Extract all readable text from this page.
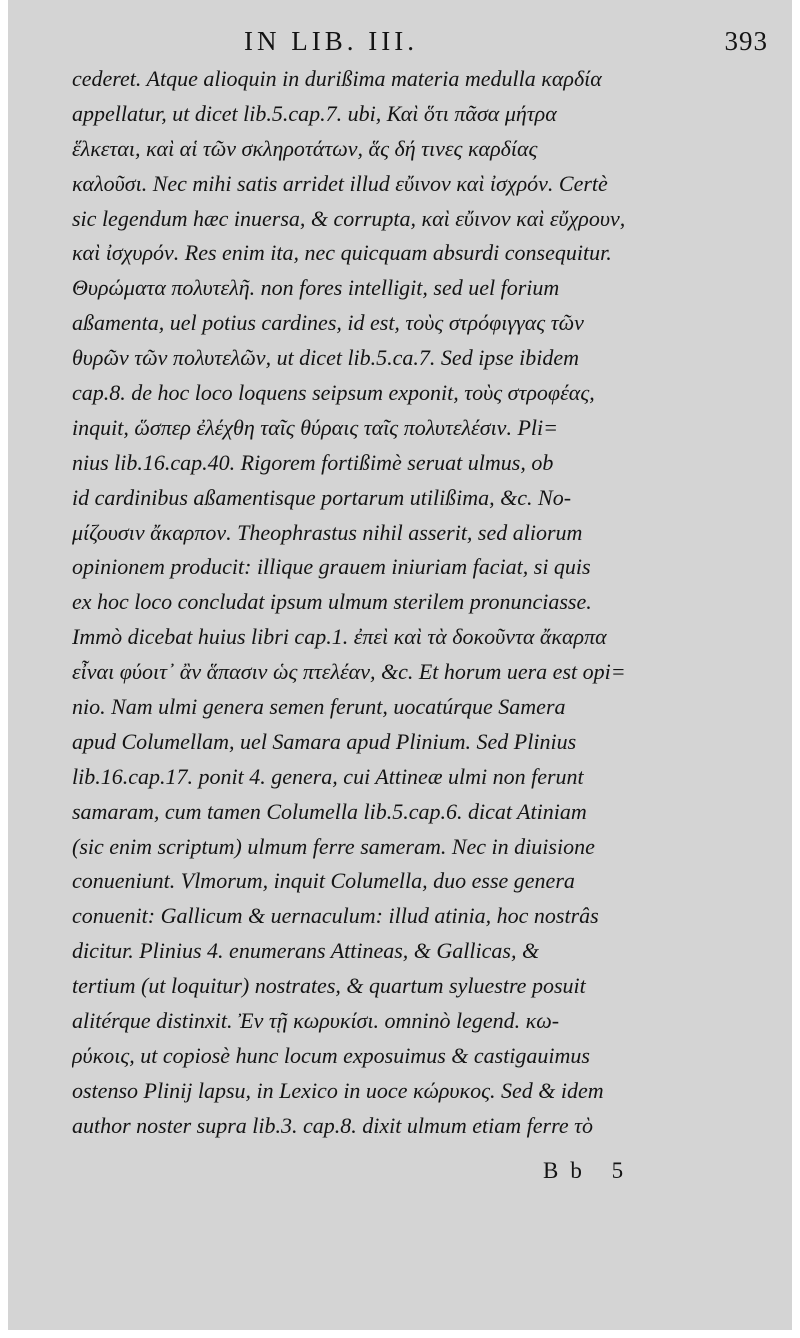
IN LIB. III.	393
cederet. Atque alioquin in durißima materia medulla καρδία
appellatur, ut dicet lib.5.cap.7. ubi, Καὶ ὅτι πᾶσα μήτρα
ἕλκεται, καὶ αἱ τῶν σκληροτάτων, ἅς δή τινες καρδίας
καλοῦσι. Nec mihi satis arridet illud εὔινον καὶ ἰσχρόν. Certè
sic legendum hæc inuersa, & corrupta, καὶ εὔινον καὶ εὔχρουν,
καὶ ἰσχυρόν. Res enim ita, nec quicquam absurdi consequitur.
Θυρώματα πολυτελῆ. non fores intelligit, sed uel forium
aßamenta, uel potius cardines, id est, τοὺς στρόφιγγας τῶν
θυρῶν τῶν πολυτελῶν, ut dicet lib.5.ca.7. Sed ipse ibidem
cap.8. de hoc loco loquens seipsum exponit, τοὺς στροφέας,
inquit, ὥσπερ ἐλέχθη ταῖς θύραις ταῖς πολυτελέσιν. Pli=
nius lib.16.cap.40. Rigorem fortißimè seruat ulmus, ob
id cardinibus aßamentisque portarum utilißima, &c. Νο-
μίζουσιν ἄκαρπον. Theophrastus nihil asserit, sed aliorum
opinionem producit: illique grauem iniuriam faciat, si quis
ex hoc loco concludat ipsum ulmum sterilem pronunciasse.
Immò dicebat huius libri cap.1. ἐπεὶ καὶ τὰ δοκοῦντα ἄκαρπα
εἶναι φύοιτ᾽ ἂν ἅπασιν ὡς πτελέαν, &c. Et horum uera est opi=
nio. Nam ulmi genera semen ferunt, uocatúrque Samera
apud Columellam, uel Samara apud Plinium. Sed Plinius
lib.16.cap.17. ponit 4. genera, cui Attineæ ulmi non ferunt
samaram, cum tamen Columella lib.5.cap.6. dicat Atiniam
(sic enim scriptum) ulmum ferre sameram. Nec in diuisione
conueniunt. Vlmorum, inquit Columella, duo esse genera
conuenit: Gallicum & uernaculum: illud atinia, hoc nostrâs
dicitur. Plinius 4. enumerans Attineas, & Gallicas, &
tertium (ut loquitur) nostrates, & quartum syluestre posuit
alitérque distinxit. Ἐν τῇ κωρυκίσι. omninò legend. κω-
ρύκοις, ut copiosè hunc locum exposuimus & castigauimus
ostenso Plinij lapsu, in Lexico in uoce κώρυκος. Sed & idem
author noster supra lib.3. cap.8. dixit ulmum etiam ferre τὸ
Bb 5
